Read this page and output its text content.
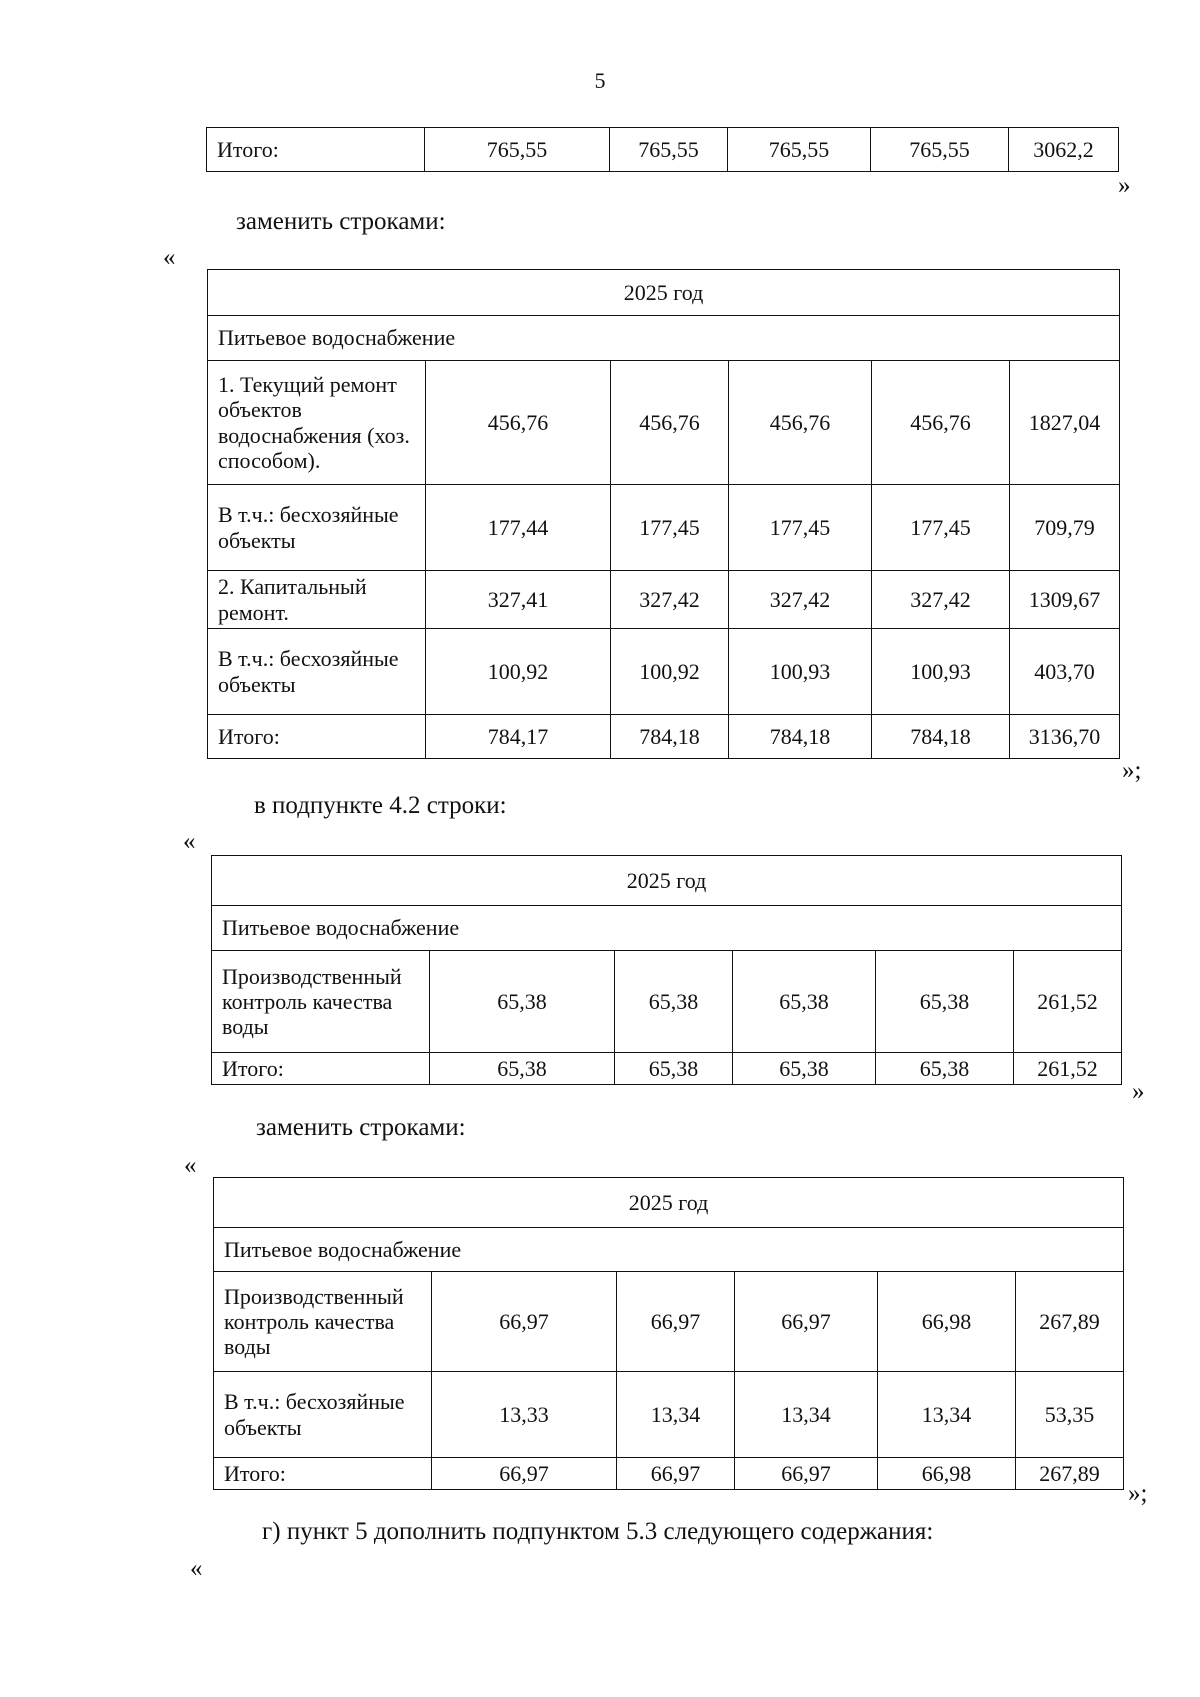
5
Итого:	765,55	765,55	765,55	765,55	3062,2
»
заменить строками:
«
2025 год					
Питьевое водоснабжение					
1. Текущий ремонт объектов водоснабжения (хоз. способом).	456,76	456,76	456,76	456,76	1827,04
В т.ч.: бесхозяйные объекты	177,44	177,45	177,45	177,45	709,79
2. Капитальный ремонт.	327,41	327,42	327,42	327,42	1309,67
В т.ч.: бесхозяйные объекты	100,92	100,92	100,93	100,93	403,70
Итого:	784,17	784,18	784,18	784,18	3136,70
»;
в подпункте 4.2 строки:
«
2025 год					
Питьевое водоснабжение					
Производственный контроль качества воды	65,38	65,38	65,38	65,38	261,52
Итого:	65,38	65,38	65,38	65,38	261,52
»
заменить строками:
«
2025 год					
Питьевое водоснабжение					
Производственный контроль качества воды	66,97	66,97	66,97	66,98	267,89
В т.ч.: бесхозяйные объекты	13,33	13,34	13,34	13,34	53,35
Итого:	66,97	66,97	66,97	66,98	267,89
»;
г) пункт 5 дополнить подпунктом 5.3 следующего содержания:
«
